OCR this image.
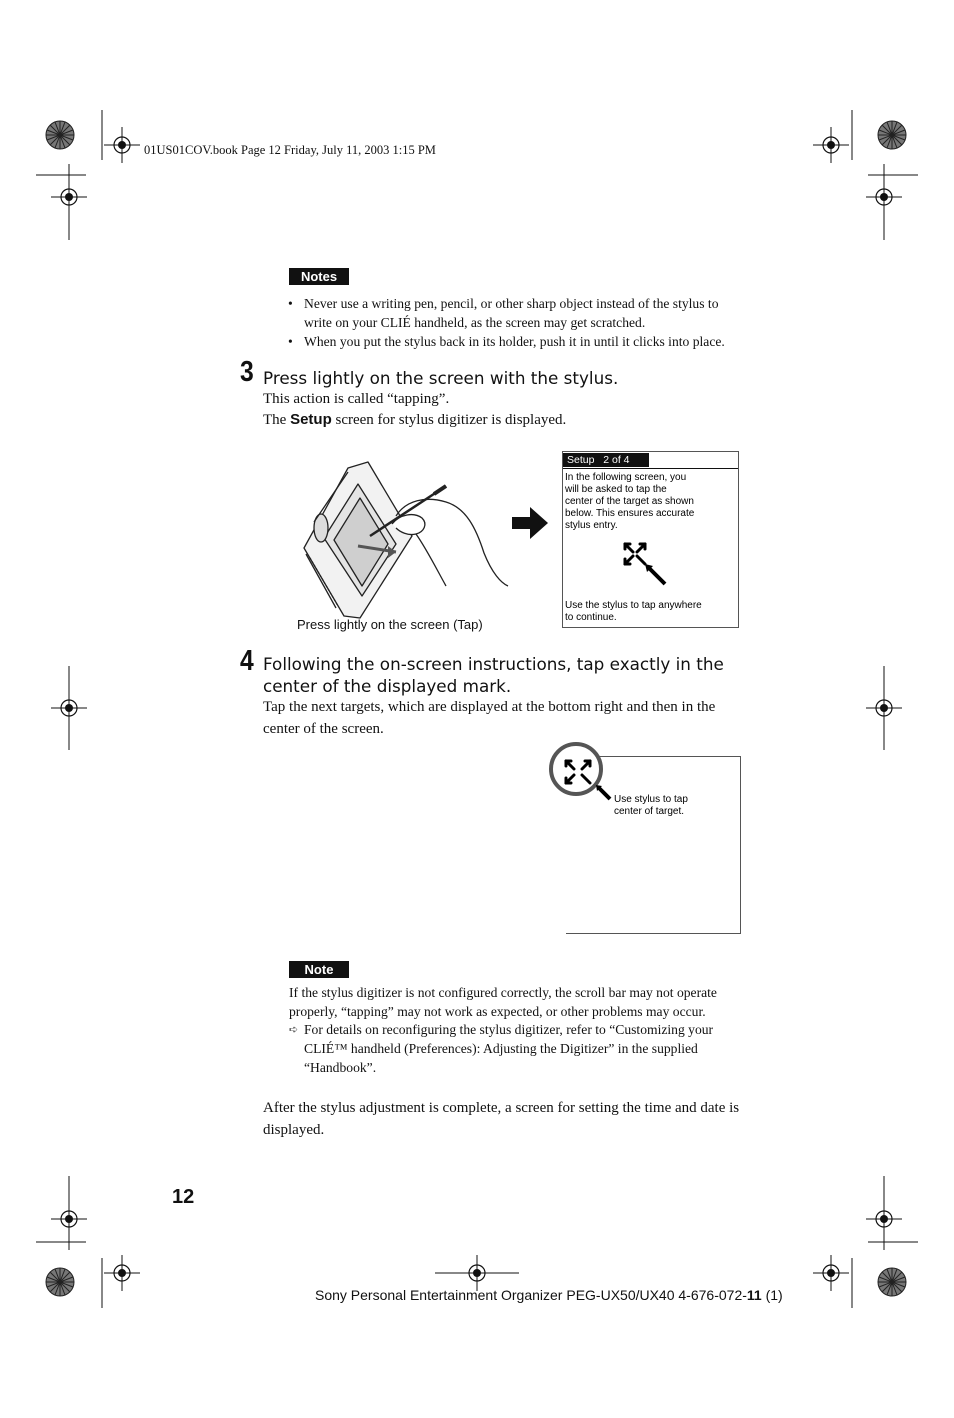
01US01COV.book Page 12 Friday, July 11, 2003 1:15 PM
Notes
• Never use a writing pen, pencil, or other sharp object instead of the stylus to write on your CLIÉ handheld, as the screen may get scratched.
• When you put the stylus back in its holder, push it in until it clicks into place.
3 Press lightly on the screen with the stylus.
This action is called “tapping”.
The Setup screen for stylus digitizer is displayed.
Setup 2 of 4
In the following screen, you
will be asked to tap the
center of the target as shown
below. This ensures accurate
stylus entry.
Use the stylus to tap anywhere
to continue.
Press lightly on the screen (Tap)
4 Following the on-screen instructions, tap exactly in the
center of the displayed mark.
Tap the next targets, which are displayed at the bottom right and then in the center of the screen.
Use stylus to tap
center of target.
Note
If the stylus digitizer is not configured correctly, the scroll bar may not operate properly, “tapping” may not work as expected, or other problems may occur.
➪ For details on reconfiguring the stylus digitizer, refer to “Customizing your CLIÉ™ handheld (Preferences): Adjusting the Digitizer” in the supplied “Handbook”.
After the stylus adjustment is complete, a screen for setting the time and date is displayed.
12
Sony Personal Entertainment Organizer PEG-UX50/UX40 4-676-072-11 (1)
